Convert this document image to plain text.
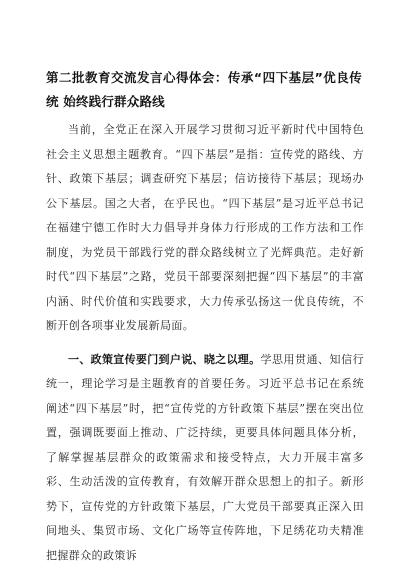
第二批教育交流发言心得体会：传承“四下基层”优良传统 始终践行群众路线

当前，全党正在深入开展学习贯彻习近平新时代中国特色社会主义思想主题教育。“四下基层”是指：宣传党的路线、方针、政策下基层；调查研究下基层；信访接待下基层；现场办公下基层。国之大者，在乎民也。“四下基层”是习近平总书记在福建宁德工作时大力倡导并身体力行形成的工作方法和工作制度，为党员干部践行党的群众路线树立了光辉典范。走好新时代“四下基层”之路，党员干部要深刻把握“四下基层”的丰富内涵、时代价值和实践要求，大力传承弘扬这一优良传统，不断开创各项事业发展新局面。

一、政策宣传要门到户说、晓之以理。学思用贯通、知信行统一，理论学习是主题教育的首要任务。习近平总书记在系统阐述“四下基层”时，把“宣传党的方针政策下基层”摆在突出位置，强调既要面上推动、广泛持续，更要具体问题具体分析，了解掌握基层群众的政策需求和接受特点，大力开展丰富多彩、生动活泼的宣传教育，有效解开群众思想上的扣子。新形势下，宣传党的方针政策下基层，广大党员干部要真正深入田间地头、集贸市场、文化广场等宣传阵地，下足绣花功夫精准把握群众的政策诉
